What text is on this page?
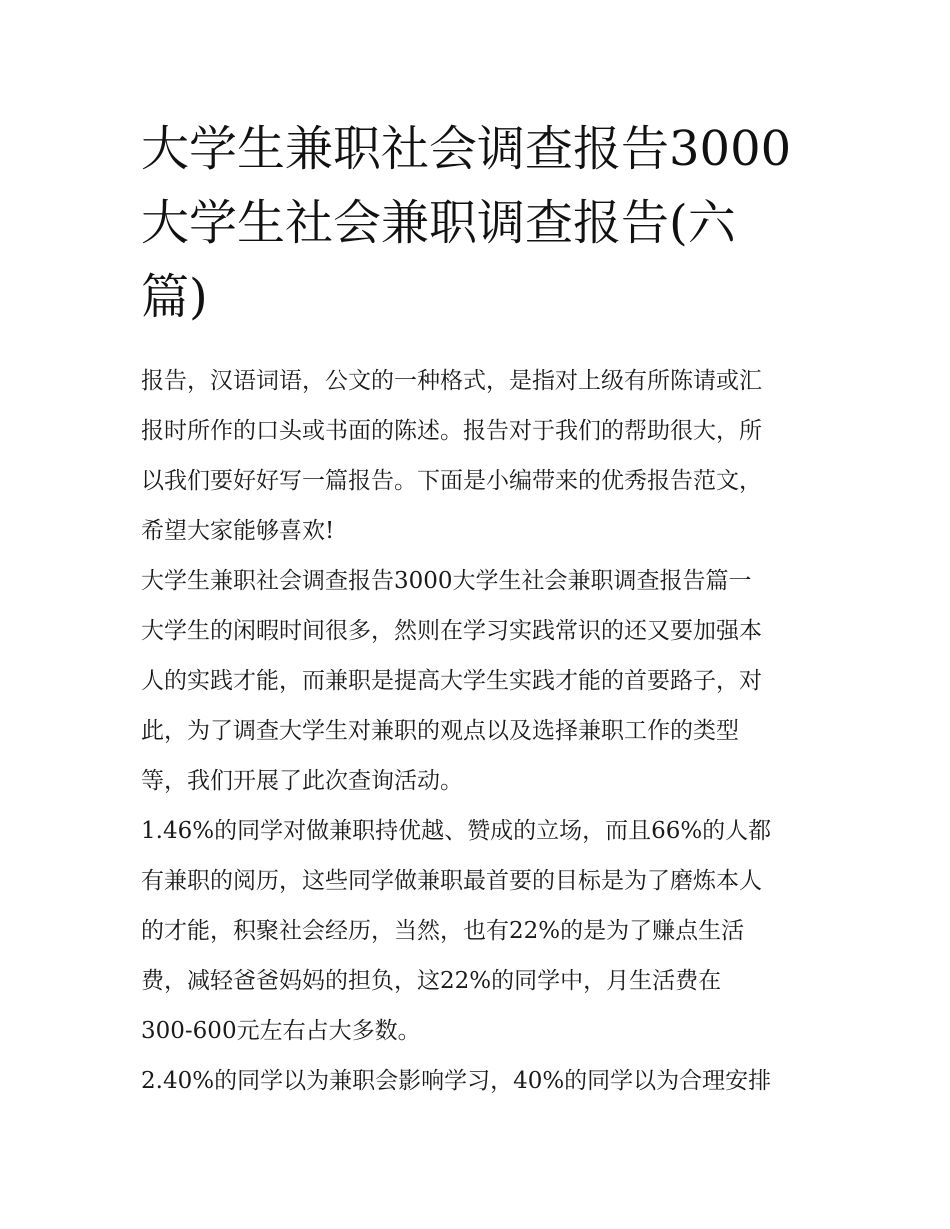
大学生兼职社会调查报告3000
大学生社会兼职调查报告(六
篇)

报告，汉语词语，公文的一种格式，是指对上级有所陈请或汇
报时所作的口头或书面的陈述。报告对于我们的帮助很大，所
以我们要好好写一篇报告。下面是小编带来的优秀报告范文，
希望大家能够喜欢!

大学生兼职社会调查报告3000大学生社会兼职调查报告篇一

大学生的闲暇时间很多，然则在学习实践常识的还又要加强本
人的实践才能，而兼职是提高大学生实践才能的首要路子，对
此，为了调查大学生对兼职的观点以及选择兼职工作的类型
等，我们开展了此次查询活动。

1.46%的同学对做兼职持优越、赞成的立场，而且66%的人都
有兼职的阅历，这些同学做兼职最首要的目标是为了磨炼本人
的才能，积聚社会经历，当然，也有22%的是为了赚点生活
费，减轻爸爸妈妈的担负，这22%的同学中，月生活费在
300-600元左右占大多数。

2.40%的同学以为兼职会影响学习，40%的同学以为合理安排
